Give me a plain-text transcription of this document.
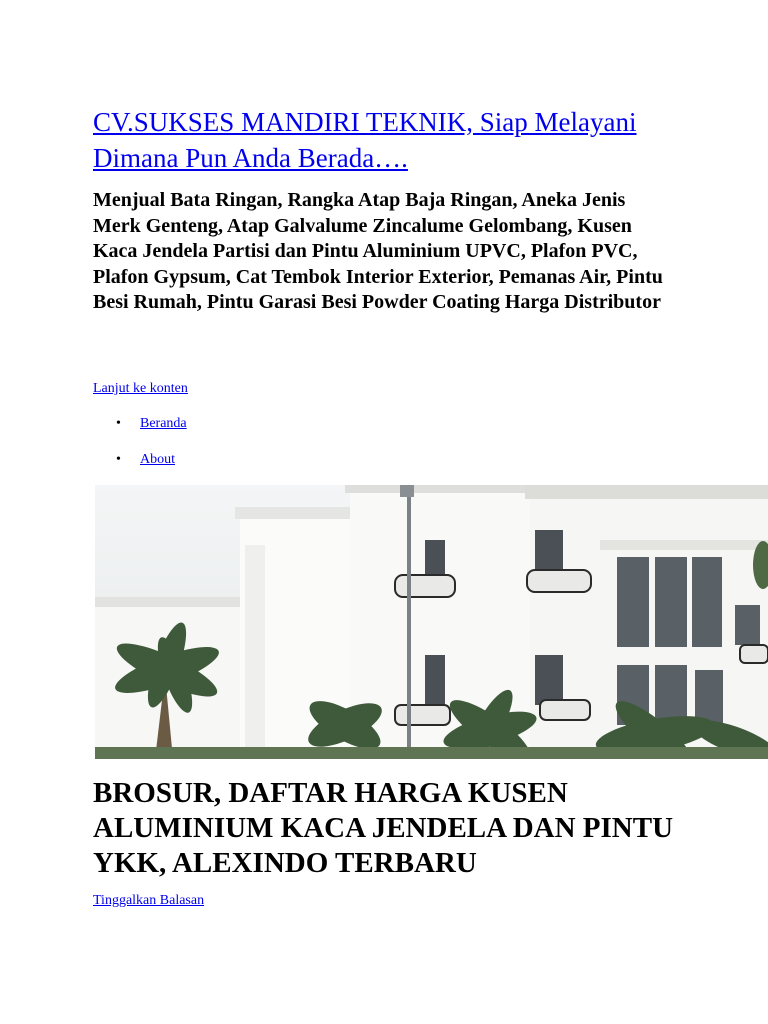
CV.SUKSES MANDIRI TEKNIK, Siap Melayani Dimana Pun Anda Berada….

Menjual Bata Ringan, Rangka Atap Baja Ringan, Aneka Jenis Merk Genteng, Atap Galvalume Zincalume Gelombang, Kusen Kaca Jendela Partisi dan Pintu Aluminium UPVC, Plafon PVC, Plafon Gypsum, Cat Tembok Interior Exterior, Pemanas Air, Pintu Besi Rumah, Pintu Garasi Besi Powder Coating Harga Distributor

Lanjut ke konten
• Beranda
• About
BROSUR, DAFTAR HARGA KUSEN ALUMINIUM KACA JENDELA DAN PINTU YKK, ALEXINDO TERBARU
Tinggalkan Balasan
